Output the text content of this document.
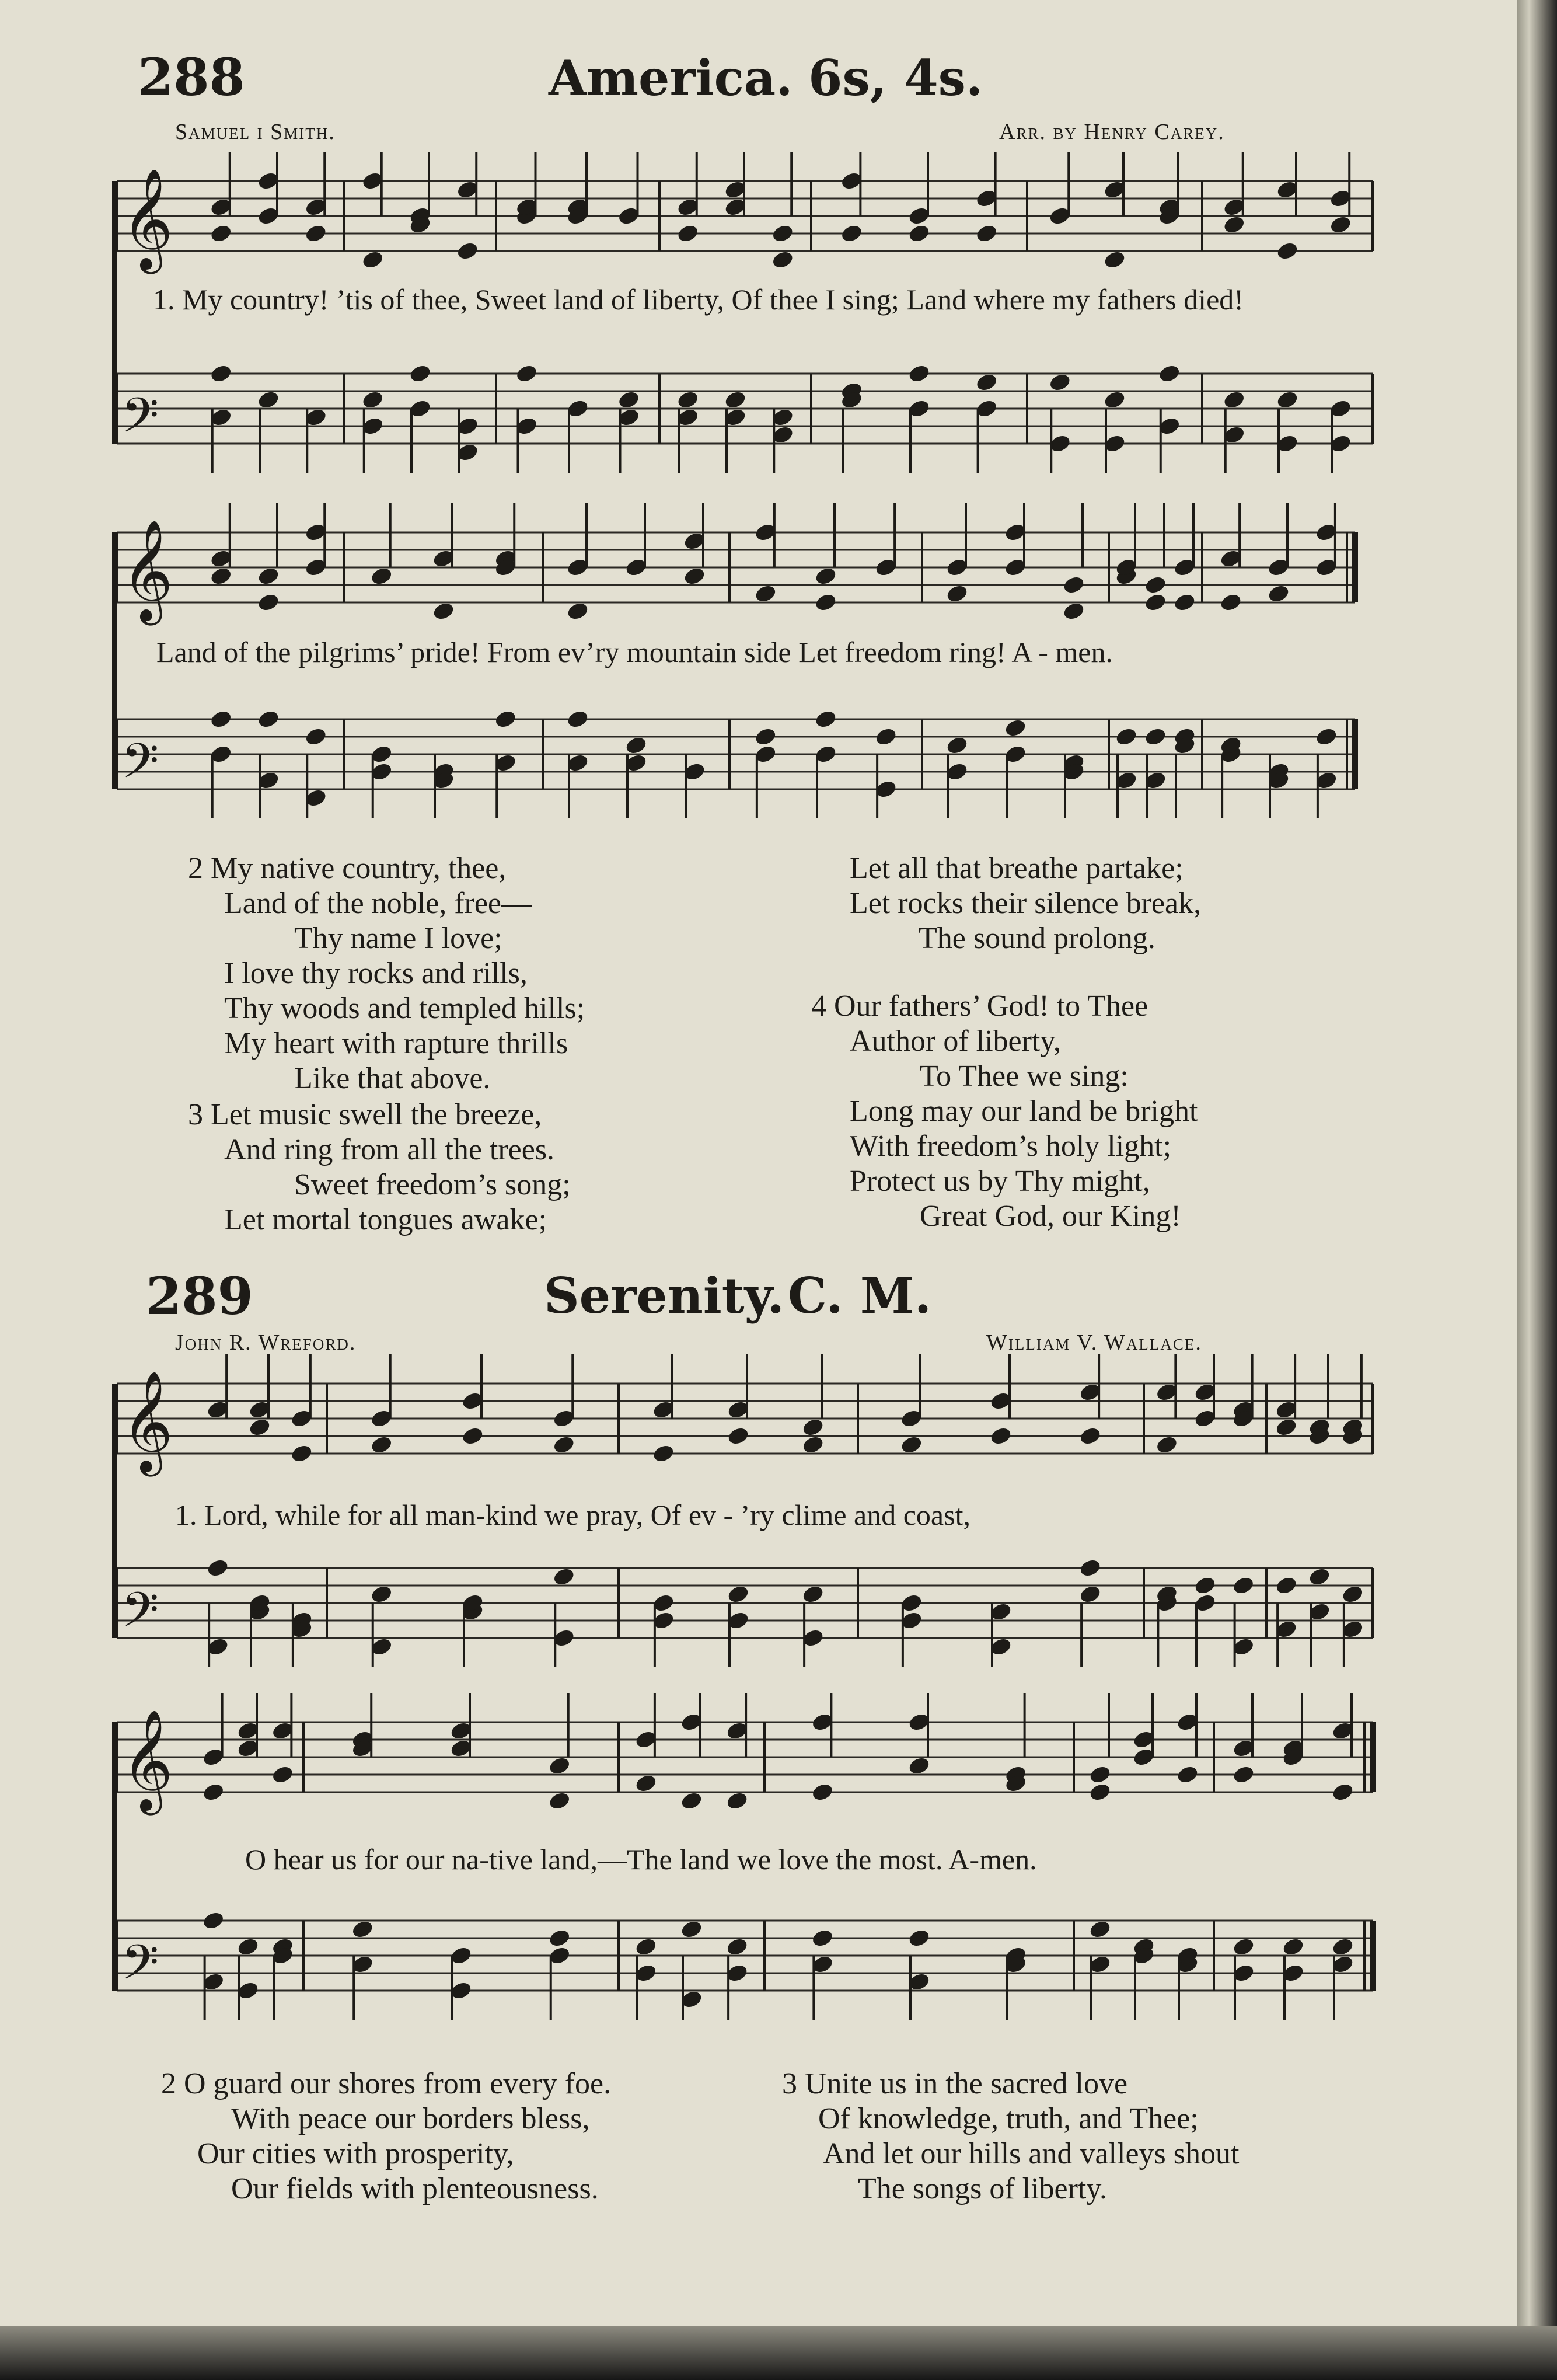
𝄞
𝄢
𝄞
𝄢
𝄞
𝄢
𝄞
𝄢
288	America. 6s, 4s.
Samuel ı Smith.	Arr. by Henry Carey.
1. My country! ’tis of thee, Sweet land of liberty, Of thee I sing; Land where my fathers died!
Land of the pilgrims’ pride! From ev’ry mountain side Let freedom ring! A - men.
2 My native country, thee,
Land of the noble, free—
Thy name I love;
I love thy rocks and rills,
Thy woods and templed hills;
My heart with rapture thrills
Like that above.
3 Let music swell the breeze,
And ring from all the trees.
Sweet freedom’s song;
Let mortal tongues awake;
Let all that breathe partake;
Let rocks their silence break,
The sound prolong.
4 Our fathers’ God! to Thee
Author of liberty,
To Thee we sing:
Long may our land be bright
With freedom’s holy light;
Protect us by Thy might,
Great God, our King!
289	Serenity. C. M.
John R. Wreford.	William V. Wallace.
1. Lord, while for all man-kind we pray, Of ev - ’ry clime and coast,
O hear us for our na-tive land,—The land we love the most. A-men.
2 O guard our shores from every foe.
With peace our borders bless,
Our cities with prosperity,
Our fields with plenteousness.
3 Unite us in the sacred love
Of knowledge, truth, and Thee;
And let our hills and valleys shout
The songs of liberty.
